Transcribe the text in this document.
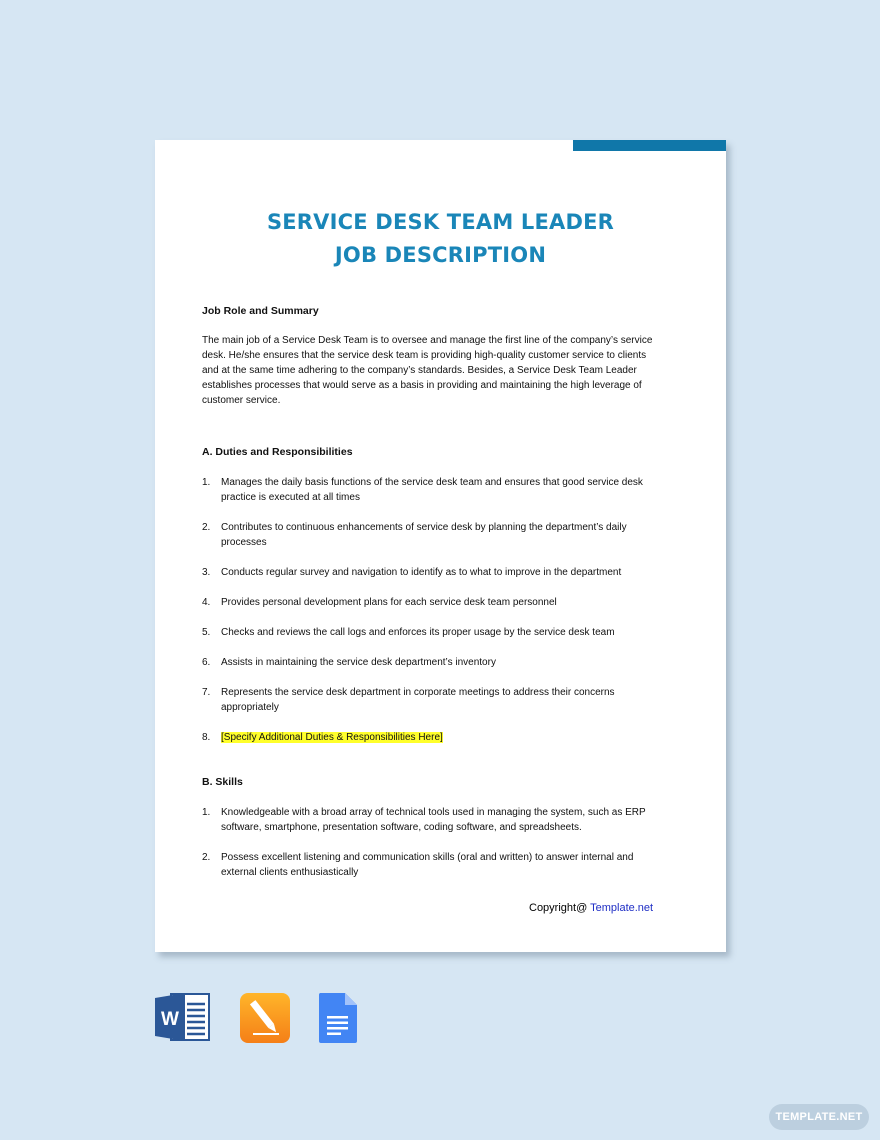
SERVICE DESK TEAM LEADER
JOB DESCRIPTION

Job Role and Summary

The main job of a Service Desk Team is to oversee and manage the first line of the company’s service desk. He/she ensures that the service desk team is providing high-quality customer service to clients and at the same time adhering to the company’s standards. Besides, a Service Desk Team Leader establishes processes that would serve as a basis in providing and maintaining the high leverage of customer service.

A. Duties and Responsibilities

1. Manages the daily basis functions of the service desk team and ensures that good service desk practice is executed at all times
2. Contributes to continuous enhancements of service desk by planning the department’s daily processes
3. Conducts regular survey and navigation to identify as to what to improve in the department
4. Provides personal development plans for each service desk team personnel
5. Checks and reviews the call logs and enforces its proper usage by the service desk team
6. Assists in maintaining the service desk department’s inventory
7. Represents the service desk department in corporate meetings to address their concerns appropriately
8. [Specify Additional Duties & Responsibilities Here]

B. Skills

1. Knowledgeable with a broad array of technical tools used in managing the system, such as ERP software, smartphone, presentation software, coding software, and spreadsheets.
2. Possess excellent listening and communication skills (oral and written) to answer internal and external clients enthusiastically
Copyright@ Template.net
W
TEMPLATE.NET
